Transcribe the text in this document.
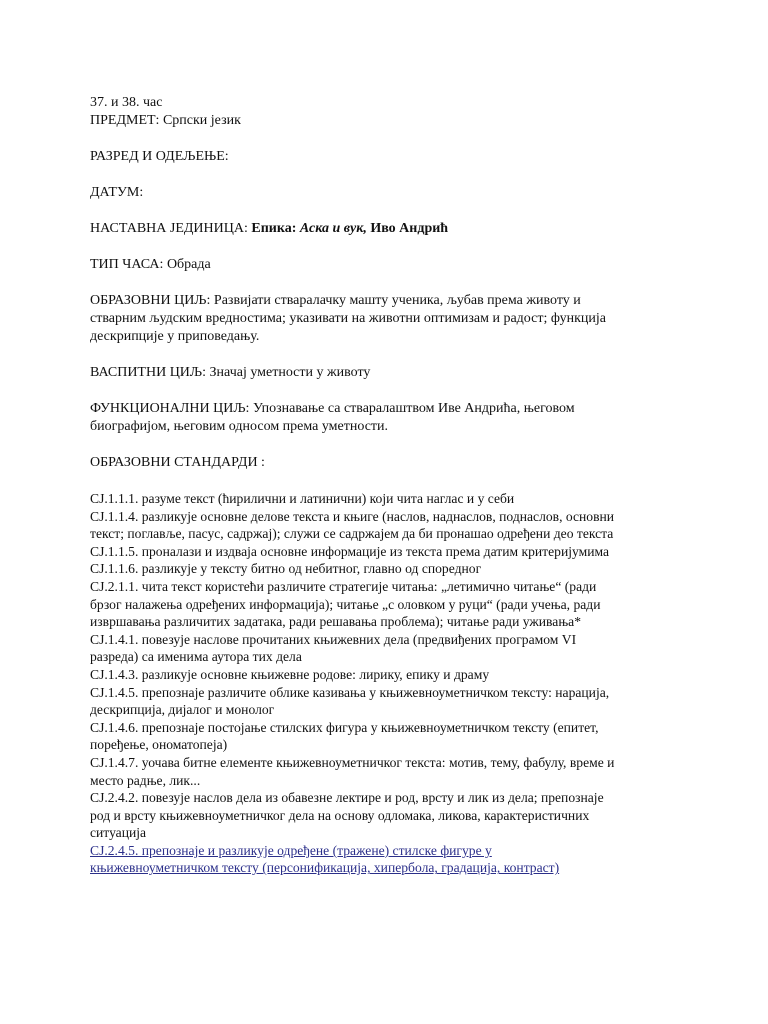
37. и 38. час
ПРЕДМЕТ: Српски језик
РАЗРЕД И ОДЕЉЕЊЕ:
ДАТУМ:
НАСТАВНА ЈЕДИНИЦА: Епика: Аска и вук, Иво Андрић
ТИП ЧАСА: Обрада
ОБРАЗОВНИ ЦИЉ: Развијати стваралачку машту ученика, љубав према животу и
стварним људским вредностима; указивати на животни оптимизам и радост; функција
дескрипције у приповедању.
ВАСПИТНИ ЦИЉ: Значај уметности у животу
ФУНКЦИОНАЛНИ ЦИЉ: Упознавање са стваралаштвом Иве Андрића, његовом
биографијом, његовим односом према уметности.
ОБРАЗОВНИ СТАНДАРДИ :
СЈ.1.1.1. разуме текст (ћирилични и латинични) који чита наглас и у себи
СЈ.1.1.4. разликује основне делове текста и књиге (наслов, наднаслов, поднаслов, основни
текст; поглавље, пасус, садржај); служи се садржајем да би пронашао одређени део текста
СЈ.1.1.5. проналази и издваја основне информације из текста према датим критеријумима
СЈ.1.1.6. разликује у тексту битно од небитног, главно од споредног
СЈ.2.1.1. чита текст користећи различите стратегије читања: „летимично читање“ (ради
брзог налажења одређених информација); читање „с оловком у руци“ (ради учења, ради
извршавања различитих задатака, ради решавања проблема); читање ради уживања*
СЈ.1.4.1. повезује наслове прочитаних књижевних дела (предвиђених програмом VI
разреда) са именима аутора тих дела
СЈ.1.4.3. разликује основне књижевне родове: лирику, епику и драму
СЈ.1.4.5. препознаје различите облике казивања у књижевноуметничком тексту: нарација,
дескрипција, дијалог и монолог
СЈ.1.4.6. препознаје постојање стилских фигура у књижевноуметничком тексту (епитет,
поређење, ономатопеја)
СЈ.1.4.7. уочава битне елементе књижевноуметничког текста: мотив, тему, фабулу, време и
место радње, лик...
СЈ.2.4.2. повезује наслов дела из обавезне лектире и род, врсту и лик из дела; препознаје
род и врсту књижевноуметничког дела на основу одломака, ликова, карактеристичних
ситуација
СЈ.2.4.5. препознаје и разликује одређене (тражене) стилске фигуре у
књижевноуметничком тексту (персонификација, хипербола, градација, контраст)
